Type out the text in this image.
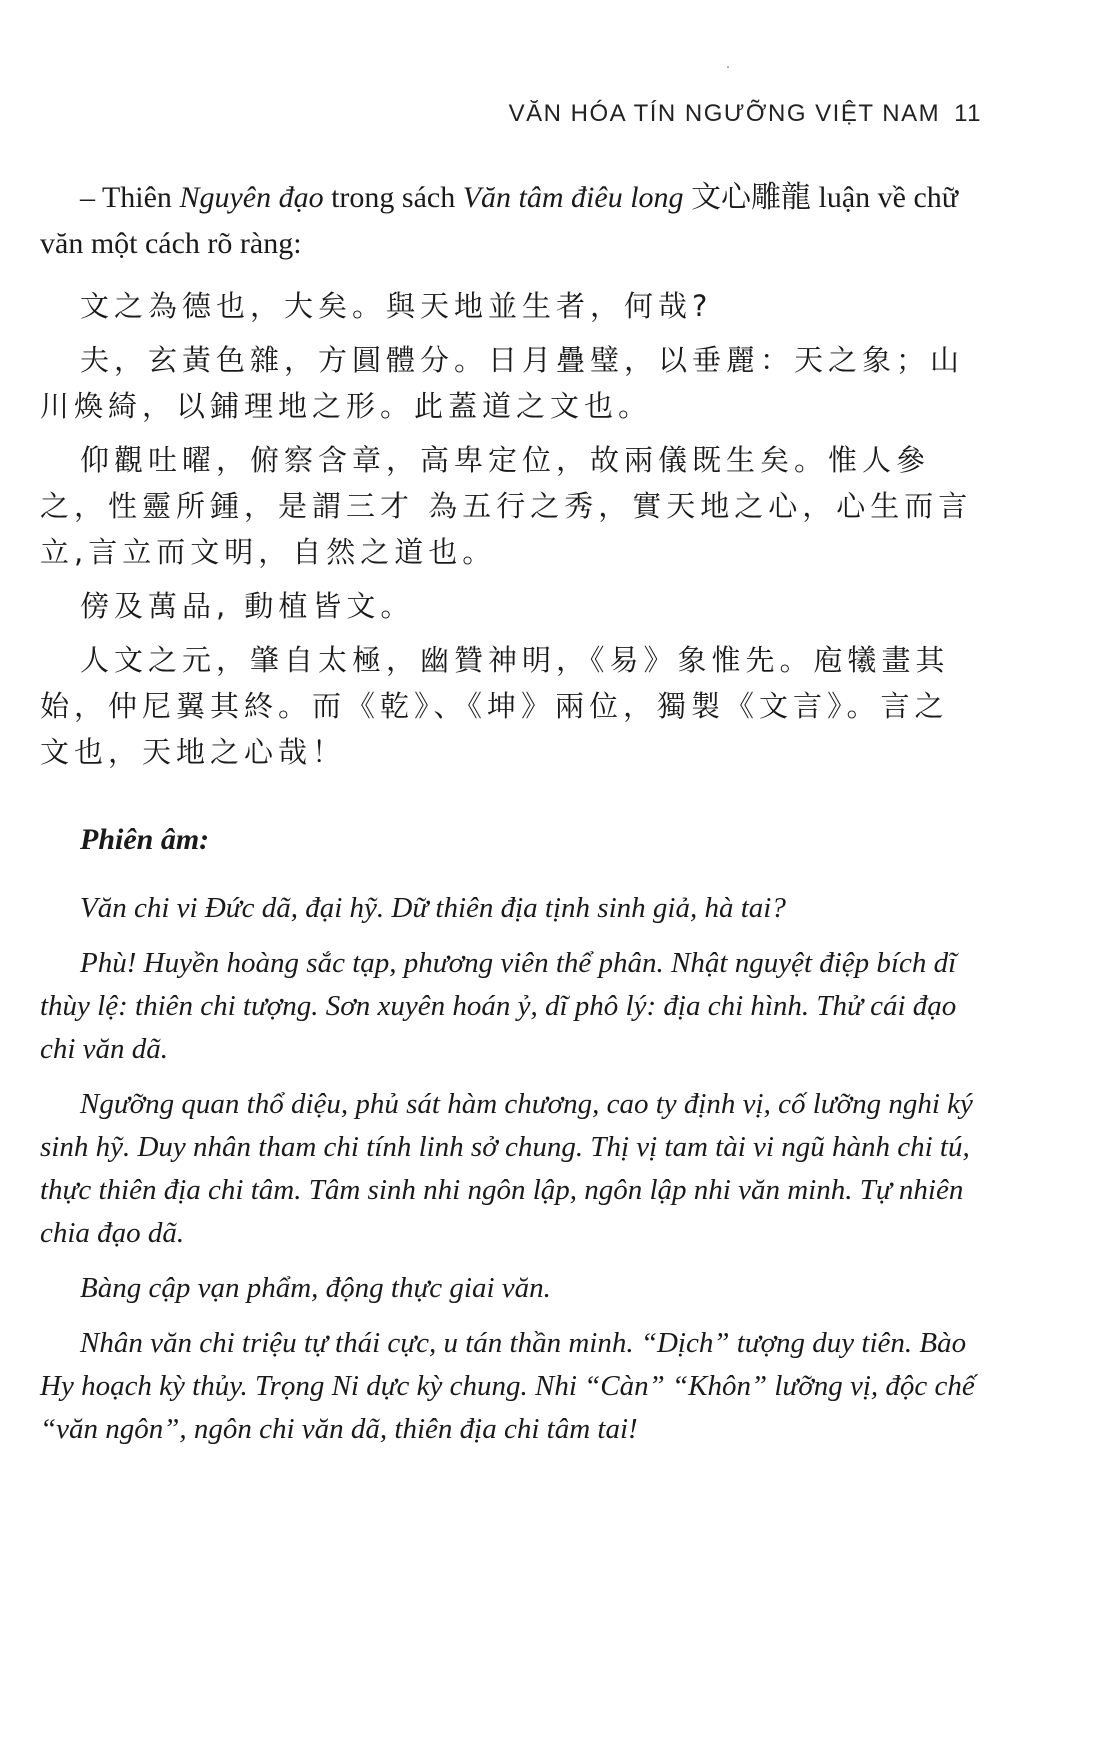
VĂN HÓA TÍN NGƯỠNG VIỆT NAM 11

– Thiên Nguyên đạo trong sách Văn tâm điêu long 文心雕龍 luận về chữ văn một cách rõ ràng:

文之為德也，大矣。與天地並生者，何哉?

夫，玄黃色雜，方圓體分。日月疊璧，以垂麗：天之象；山川煥綺，以鋪理地之形。此蓋道之文也。

仰觀吐曜，俯察含章，高卑定位，故兩儀既生矣。惟人參之，性靈所鍾，是謂三才 為五行之秀，實天地之心，心生而言立,言立而文明，自然之道也。

傍及萬品, 動植皆文。

人文之元，肇自太極，幽贊神明，《易》象惟先。庖犧畫其始，仲尼翼其終。而《乾》、《坤》兩位，獨製《文言》。言之文也，天地之心哉！

Phiên âm:

Văn chi vi Đức dã, đại hỹ. Dữ thiên địa tịnh sinh giả, hà tai?

Phù! Huyền hoàng sắc tạp, phương viên thể phân. Nhật nguyệt điệp bích dĩ thùy lệ: thiên chi tượng. Sơn xuyên hoán ỷ, dĩ phô lý: địa chi hình. Thử cái đạo chi văn dã.

Ngưỡng quan thổ diệu, phủ sát hàm chương, cao ty định vị, cố lưỡng nghi ký sinh hỹ. Duy nhân tham chi tính linh sở chung. Thị vị tam tài vi ngũ hành chi tú, thực thiên địa chi tâm. Tâm sinh nhi ngôn lập, ngôn lập nhi văn minh. Tự nhiên chia đạo dã.

Bàng cập vạn phẩm, động thực giai văn.

Nhân văn chi triệu tự thái cực, u tán thần minh. “Dịch” tượng duy tiên. Bào Hy hoạch kỳ thủy. Trọng Ni dực kỳ chung. Nhi “Càn” “Khôn” lưỡng vị, độc chế “văn ngôn”, ngôn chi văn dã, thiên địa chi tâm tai!
